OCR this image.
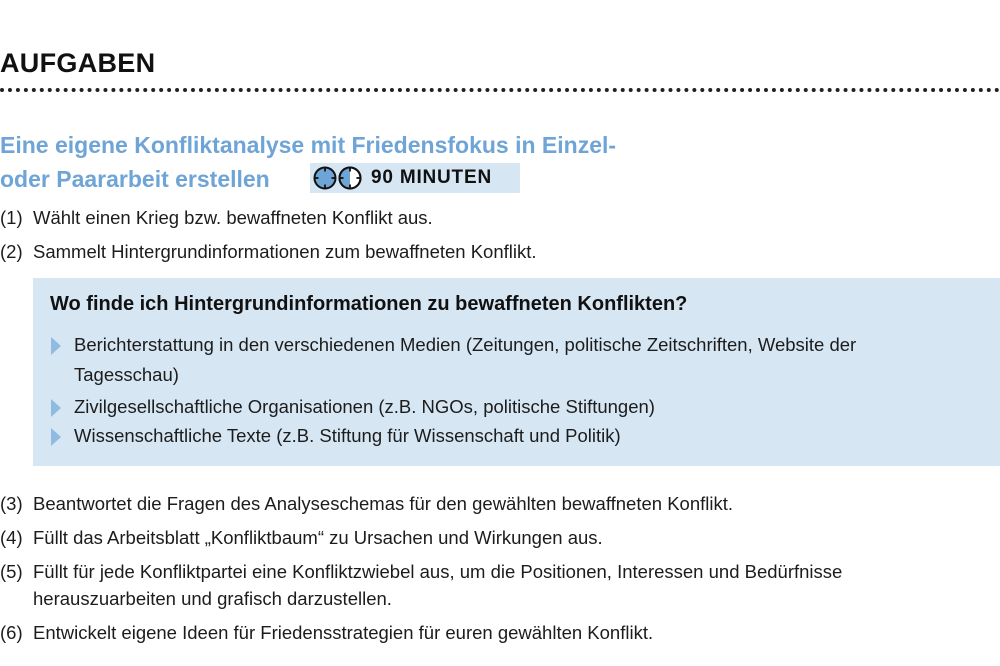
AUFGABEN
Eine eigene Konfliktanalyse mit Friedensfokus in Einzel-
oder Paararbeit erstellen	90 MINUTEN
(1) Wählt einen Krieg bzw. bewaffneten Konflikt aus.
(2) Sammelt Hintergrundinformationen zum bewaffneten Konflikt.
Wo finde ich Hintergrundinformationen zu bewaffneten Konflikten?
Berichterstattung in den verschiedenen Medien (Zeitungen, politische Zeitschriften, Website der Tagesschau)
Zivilgesellschaftliche Organisationen (z.B. NGOs, politische Stiftungen)
Wissenschaftliche Texte (z.B. Stiftung für Wissenschaft und Politik)
(3) Beantwortet die Fragen des Analyseschemas für den gewählten bewaffneten Konflikt.
(4) Füllt das Arbeitsblatt „Konfliktbaum“ zu Ursachen und Wirkungen aus.
(5) Füllt für jede Konfliktpartei eine Konfliktzwiebel aus, um die Positionen, Interessen und Bedürfnisse herauszuarbeiten und grafisch darzustellen.
(6) Entwickelt eigene Ideen für Friedensstrategien für euren gewählten Konflikt.
